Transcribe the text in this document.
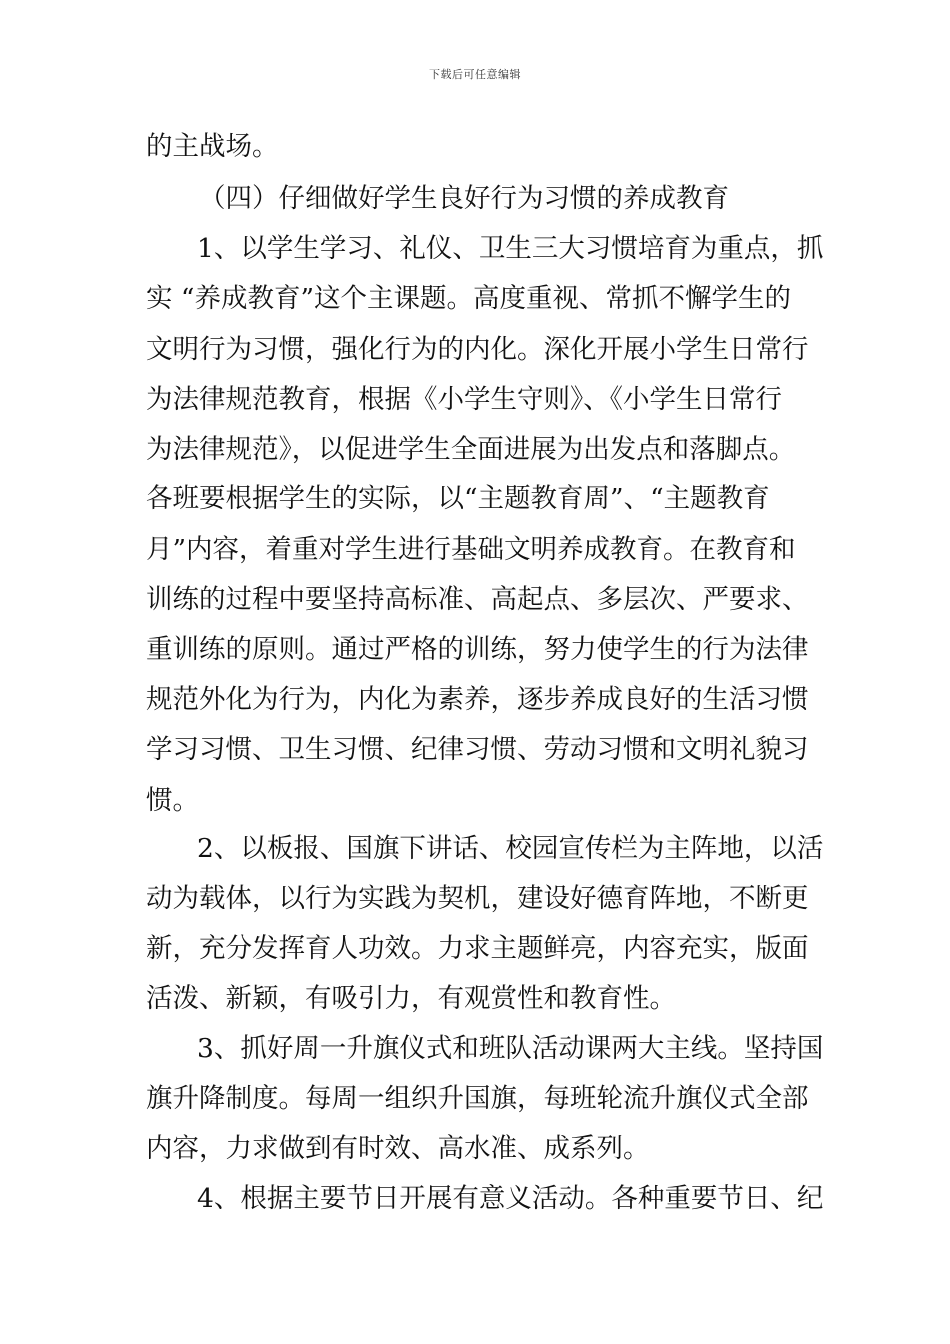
下载后可任意编辑
的主战场。
（四）仔细做好学生良好行为习惯的养成教育
1、以学生学习、礼仪、卫生三大习惯培育为重点，抓
实 “养成教育”这个主课题。高度重视、常抓不懈学生的
文明行为习惯，强化行为的内化。深化开展小学生日常行
为法律规范教育，根据《小学生守则》、《小学生日常行
为法律规范》，以促进学生全面进展为出发点和落脚点。
各班要根据学生的实际，以“主题教育周”、“主题教育
月”内容，着重对学生进行基础文明养成教育。在教育和
训练的过程中要坚持高标准、高起点、多层次、严要求、
重训练的原则。通过严格的训练，努力使学生的行为法律
规范外化为行为，内化为素养，逐步养成良好的生活习惯
学习习惯、卫生习惯、纪律习惯、劳动习惯和文明礼貌习
惯。
2、以板报、国旗下讲话、校园宣传栏为主阵地，以活
动为载体，以行为实践为契机，建设好德育阵地，不断更
新，充分发挥育人功效。力求主题鲜亮，内容充实，版面
活泼、新颖，有吸引力，有观赏性和教育性。
3、抓好周一升旗仪式和班队活动课两大主线。坚持国
旗升降制度。每周一组织升国旗，每班轮流升旗仪式全部
内容，力求做到有时效、高水准、成系列。
4、根据主要节日开展有意义活动。各种重要节日、纪
